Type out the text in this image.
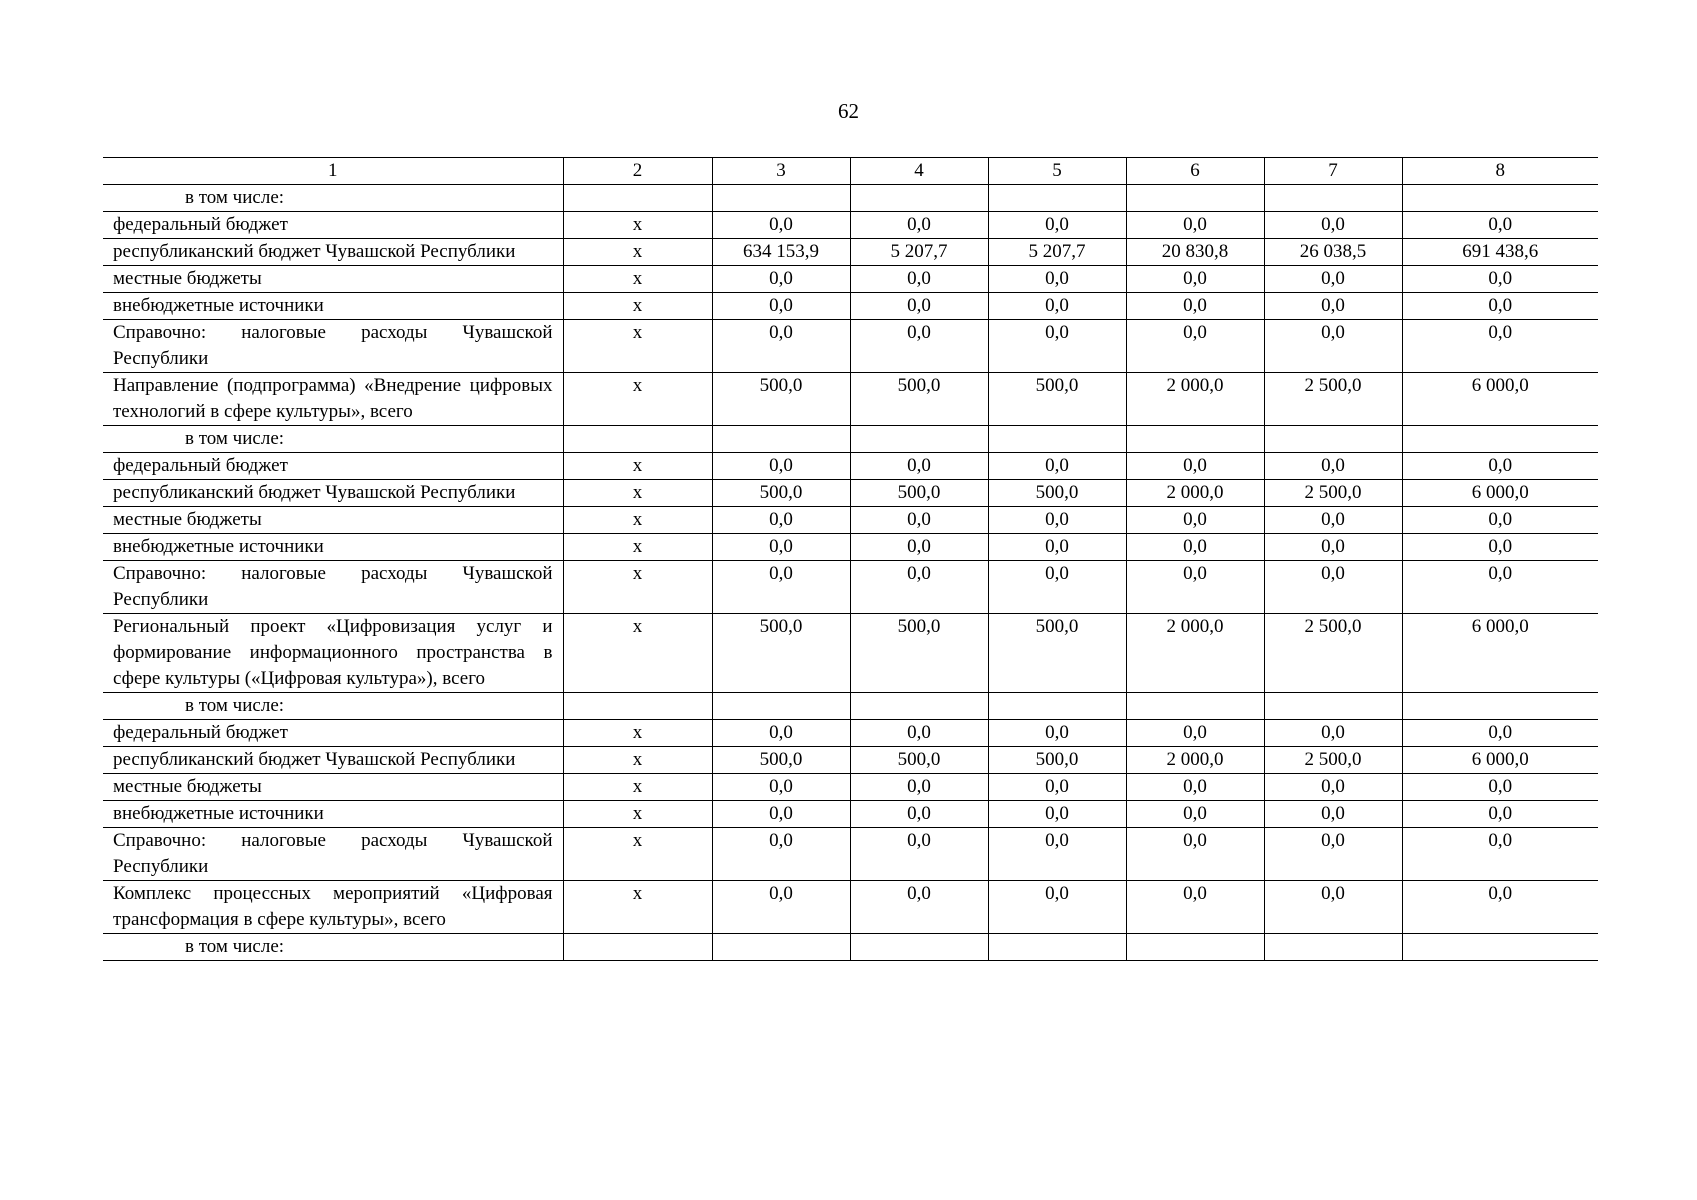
62
1	2	3	4	5	6	7	8
в том числе:							
федеральный бюджет	x	0,0	0,0	0,0	0,0	0,0	0,0
республиканский бюджет Чувашской Республики	x	634 153,9	5 207,7	5 207,7	20 830,8	26 038,5	691 438,6
местные бюджеты	x	0,0	0,0	0,0	0,0	0,0	0,0
внебюджетные источники	x	0,0	0,0	0,0	0,0	0,0	0,0
Справочно: налоговые расходы Чувашской Республики	x	0,0	0,0	0,0	0,0	0,0	0,0
Направление (подпрограмма) «Внедрение цифровых технологий в сфере культуры», всего	x	500,0	500,0	500,0	2 000,0	2 500,0	6 000,0
в том числе:							
федеральный бюджет	x	0,0	0,0	0,0	0,0	0,0	0,0
республиканский бюджет Чувашской Республики	x	500,0	500,0	500,0	2 000,0	2 500,0	6 000,0
местные бюджеты	x	0,0	0,0	0,0	0,0	0,0	0,0
внебюджетные источники	x	0,0	0,0	0,0	0,0	0,0	0,0
Справочно: налоговые расходы Чувашской Республики	x	0,0	0,0	0,0	0,0	0,0	0,0
Региональный проект «Цифровизация услуг и формирование информационного пространства в сфере культуры («Цифровая культура»), всего	x	500,0	500,0	500,0	2 000,0	2 500,0	6 000,0
в том числе:							
федеральный бюджет	x	0,0	0,0	0,0	0,0	0,0	0,0
республиканский бюджет Чувашской Республики	x	500,0	500,0	500,0	2 000,0	2 500,0	6 000,0
местные бюджеты	x	0,0	0,0	0,0	0,0	0,0	0,0
внебюджетные источники	x	0,0	0,0	0,0	0,0	0,0	0,0
Справочно: налоговые расходы Чувашской Республики	x	0,0	0,0	0,0	0,0	0,0	0,0
Комплекс процессных мероприятий «Цифровая трансформация в сфере культуры», всего	x	0,0	0,0	0,0	0,0	0,0	0,0
в том числе:							
